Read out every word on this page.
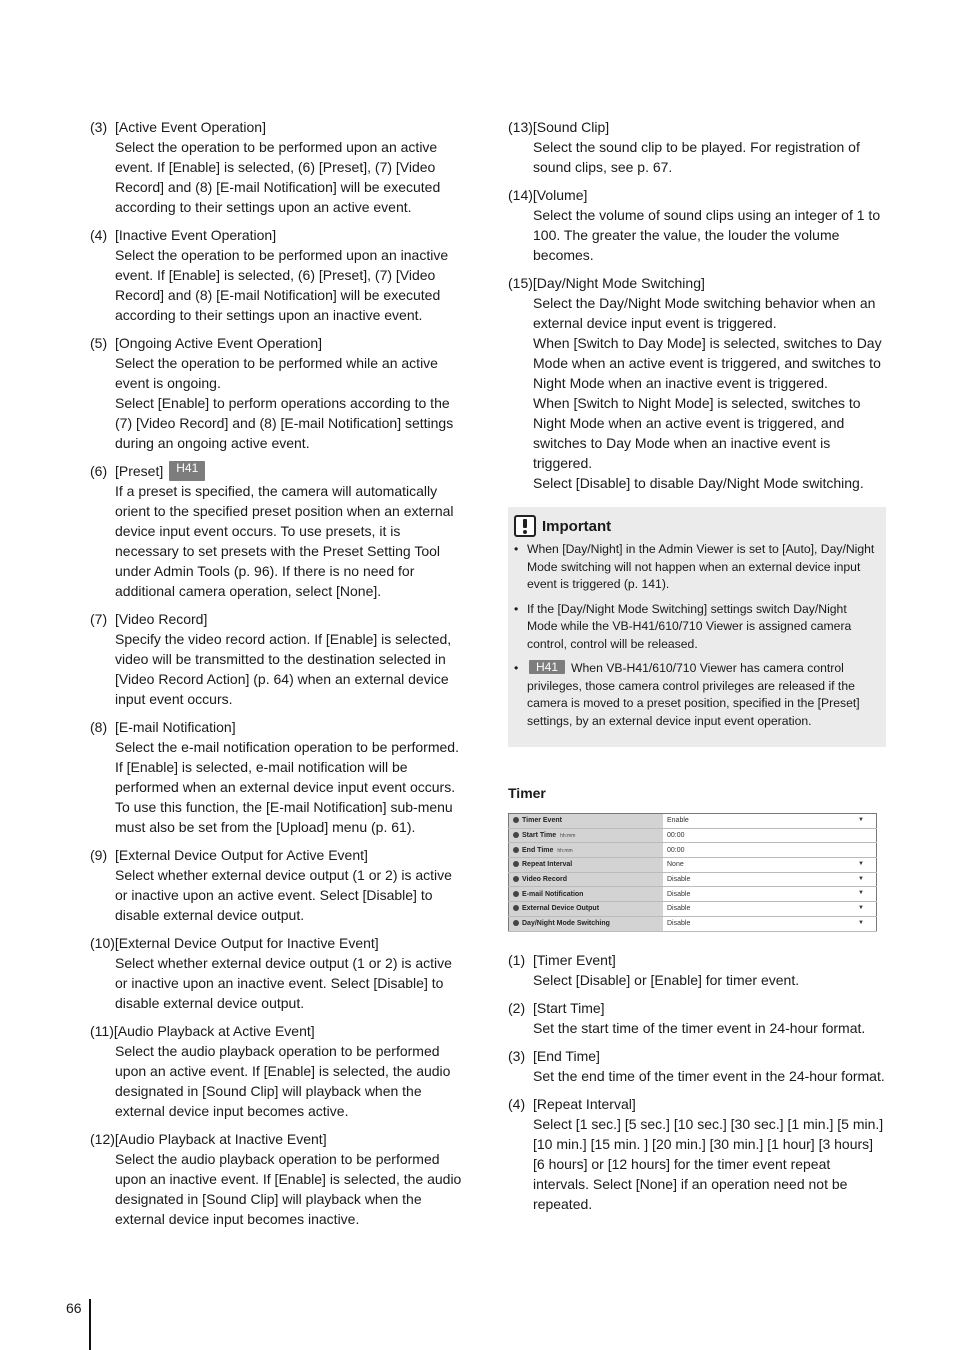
(3) [Active Event Operation]

Select the operation to be performed upon an active event. If [Enable] is selected, (6) [Preset], (7) [Video Record] and (8) [E-mail Notification] will be executed according to their settings upon an active event.

(4) [Inactive Event Operation]

Select the operation to be performed upon an inactive event. If [Enable] is selected, (6) [Preset], (7) [Video Record] and (8) [E-mail Notification] will be executed according to their settings upon an inactive event.

(5) [Ongoing Active Event Operation]

Select the operation to be performed while an active event is ongoing.

Select [Enable] to perform operations according to the (7) [Video Record] and (8) [E-mail Notification] settings during an ongoing active event.

(6) [Preset]	H41

If a preset is specified, the camera will automatically orient to the specified preset position when an external device input event occurs. To use presets, it is necessary to set presets with the Preset Setting Tool under Admin Tools (p. 96). If there is no need for additional camera operation, select [None].

(7) [Video Record]

Specify the video record action. If [Enable] is selected, video will be transmitted to the destination selected in [Video Record Action] (p. 64) when an external device input event occurs.

(8) [E-mail Notification]

Select the e-mail notification operation to be performed. If [Enable] is selected, e-mail notification will be performed when an external device input event occurs. To use this function, the [E-mail Notification] sub-menu must also be set from the [Upload] menu (p. 61).

(9) [External Device Output for Active Event]

Select whether external device output (1 or 2) is active or inactive upon an active event. Select [Disable] to disable external device output.

(10) [External Device Output for Inactive Event]

Select whether external device output (1 or 2) is active or inactive upon an inactive event. Select [Disable] to disable external device output.

(11) [Audio Playback at Active Event]

Select the audio playback operation to be performed upon an active event. If [Enable] is selected, the audio designated in [Sound Clip] will playback when the external device input becomes active.

(12) [Audio Playback at Inactive Event]

Select the audio playback operation to be performed upon an inactive event. If [Enable] is selected, the audio designated in [Sound Clip] will playback when the external device input becomes inactive.

(13) [Sound Clip]

Select the sound clip to be played. For registration of sound clips, see p. 67.

(14) [Volume]

Select the volume of sound clips using an integer of 1 to 100. The greater the value, the louder the volume becomes.

(15) [Day/Night Mode Switching]

Select the Day/Night Mode switching behavior when an external device input event is triggered.

When [Switch to Day Mode] is selected, switches to Day Mode when an active event is triggered, and switches to Night Mode when an inactive event is triggered.

When [Switch to Night Mode] is selected, switches to Night Mode when an active event is triggered, and switches to Day Mode when an inactive event is triggered.

Select [Disable] to disable Day/Night Mode switching.

Important
• When [Day/Night] in the Admin Viewer is set to [Auto], Day/Night Mode switching will not happen when an external device input event is triggered (p. 141).
• If the [Day/Night Mode Switching] settings switch Day/Night Mode while the VB-H41/610/710 Viewer is assigned camera control, control will be released.
• H41 When VB-H41/610/710 Viewer has camera control privileges, those camera control privileges are released if the camera is moved to a preset position, specified in the [Preset] settings, by an external device input event operation.
Timer
Timer Event	Enable ▼

Start Time hh:mm	00:00
End Time hh:mm	00:00
Repeat Interval	None ▼

Video Record	Disable ▼

E-mail Notification	Disable ▼

External Device Output	Disable ▼

Day/Night Mode Switching	Disable ▼
(1) [Timer Event]

Select [Disable] or [Enable] for timer event.

(2) [Start Time]

Set the start time of the timer event in 24-hour format.

(3) [End Time]

Set the end time of the timer event in the 24-hour format.

(4) [Repeat Interval]

Select [1 sec.] [5 sec.] [10 sec.] [30 sec.] [1 min.] [5 min.] [10 min.] [15 min. ] [20 min.] [30 min.] [1 hour] [3 hours] [6 hours] or [12 hours] for the timer event repeat intervals. Select [None] if an operation need not be repeated.

66
